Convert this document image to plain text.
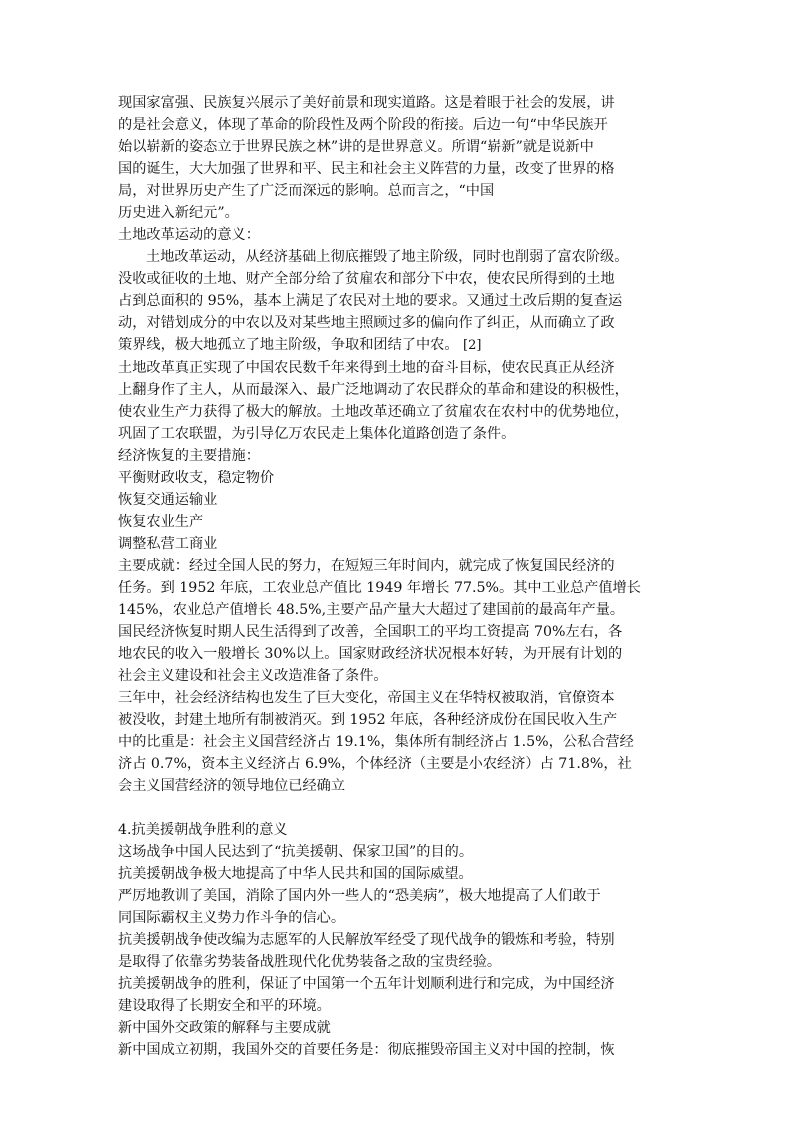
现国家富强、民族复兴展示了美好前景和现实道路。这是着眼于社会的发展，讲

的是社会意义，体现了革命的阶段性及两个阶段的衔接。后边一句“中华民族开

始以崭新的姿态立于世界民族之林”讲的是世界意义。所谓“崭新”就是说新中

国的诞生，大大加强了世界和平、民主和社会主义阵营的力量，改变了世界的格

局，对世界历史产生了广泛而深远的影响。总而言之，“中国

历史进入新纪元”。

土地改革运动的意义：

土地改革运动，从经济基础上彻底摧毁了地主阶级，同时也削弱了富农阶级。

没收或征收的土地、财产全部分给了贫雇农和部分下中农，使农民所得到的土地

占到总面积的 95%，基本上满足了农民对土地的要求。又通过土改后期的复查运

动，对错划成分的中农以及对某些地主照顾过多的偏向作了纠正，从而确立了政

策界线，极大地孤立了地主阶级，争取和团结了中农。 [2]

土地改革真正实现了中国农民数千年来得到土地的奋斗目标，使农民真正从经济

上翻身作了主人，从而最深入、最广泛地调动了农民群众的革命和建设的积极性，

使农业生产力获得了极大的解放。土地改革还确立了贫雇农在农村中的优势地位，

巩固了工农联盟，为引导亿万农民走上集体化道路创造了条件。

经济恢复的主要措施：

平衡财政收支，稳定物价

恢复交通运输业

恢复农业生产

调整私营工商业

主要成就：经过全国人民的努力，在短短三年时间内，就完成了恢复国民经济的

任务。到 1952 年底，工农业总产值比 1949 年增长 77.5%。其中工业总产值增长

145%，农业总产值增长 48.5%,主要产品产量大大超过了建国前的最高年产量。

国民经济恢复时期人民生活得到了改善，全国职工的平均工资提高 70%左右，各

地农民的收入一般增长 30%以上。国家财政经济状况根本好转，为开展有计划的

社会主义建设和社会主义改造准备了条件。

三年中，社会经济结构也发生了巨大变化，帝国主义在华特权被取消，官僚资本

被没收，封建土地所有制被消灭。到 1952 年底，各种经济成份在国民收入生产

中的比重是：社会主义国营经济占 19.1%，集体所有制经济占 1.5%，公私合营经

济占 0.7%，资本主义经济占 6.9%，个体经济（主要是小农经济）占 71.8%，社

会主义国营经济的领导地位已经确立

4.抗美援朝战争胜利的意义

这场战争中国人民达到了“抗美援朝、保家卫国”的目的。

抗美援朝战争极大地提高了中华人民共和国的国际威望。

严厉地教训了美国，消除了国内外一些人的“恐美病”，极大地提高了人们敢于

同国际霸权主义势力作斗争的信心。

抗美援朝战争使改编为志愿军的人民解放军经受了现代战争的锻炼和考验，特别

是取得了依靠劣势装备战胜现代化优势装备之敌的宝贵经验。

抗美援朝战争的胜利，保证了中国第一个五年计划顺利进行和完成，为中国经济

建设取得了长期安全和平的环境。

新中国外交政策的解释与主要成就

新中国成立初期，我国外交的首要任务是：彻底摧毁帝国主义对中国的控制，恢
